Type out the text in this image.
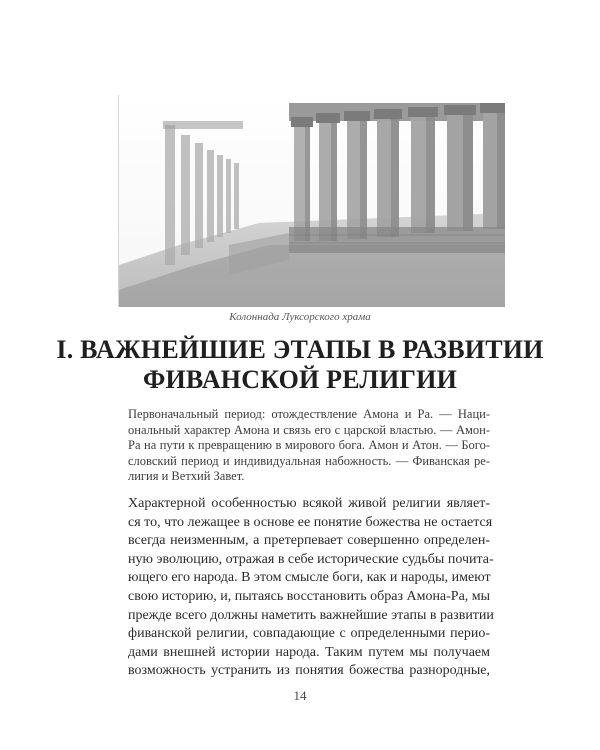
Колоннада Луксорского храма
I. ВАЖНЕЙШИЕ ЭТАПЫ В РАЗВИТИИ
ФИВАНСКОЙ РЕЛИГИИ
Первоначальный период: отождествление Амона и Ра. — Наци-
ональный характер Амона и связь его с царской властью. — Амон-
Ра на пути к превращению в мирового бога. Амон и Атон. — Бого-
словский период и индивидуальная набожность. — Фиванская ре-
лигия и Ветхий Завет.
Характерной особенностью всякой живой религии являет-
ся то, что лежащее в основе ее понятие божества не остается
всегда неизменным, а претерпевает совершенно определен-
ную эволюцию, отражая в себе исторические судьбы почита-
ющего его народа. В этом смысле боги, как и народы, имеют
свою историю, и, пытаясь восстановить образ Амона-Ра, мы
прежде всего должны наметить важнейшие этапы в развитии
фиванской религии, совпадающие с определенными перио-
дами внешней истории народа. Таким путем мы получаем
возможность устранить из понятия божества разнородные,
14
